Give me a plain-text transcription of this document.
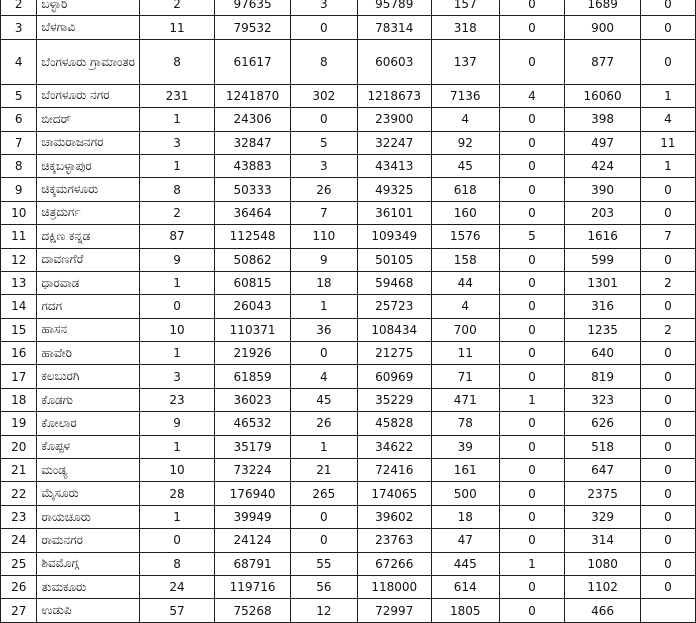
2	ಬಳ್ಳಾರಿ	2	97635	3	95789	157	0	1689	0
3	ಬೆಳಗಾವಿ	11	79532	0	78314	318	0	900	0
4	ಬೆಂಗಳೂರು ಗ್ರಾಮಾಂತರ	8	61617	8	60603	137	0	877	0
5	ಬೆಂಗಳೂರು ನಗರ	231	1241870	302	1218673	7136	4	16060	1
6	ಬೀದರ್	1	24306	0	23900	4	0	398	4
7	ಚಾಮರಾಜನಗರ	3	32847	5	32247	92	0	497	11
8	ಚಿಕ್ಕಬಳ್ಳಾಪುರ	1	43883	3	43413	45	0	424	1
9	ಚಿಕ್ಕಮಗಳೂರು	8	50333	26	49325	618	0	390	0
10	ಚಿತ್ರದುರ್ಗ	2	36464	7	36101	160	0	203	0
11	ದಕ್ಷಿಣ ಕನ್ನಡ	87	112548	110	109349	1576	5	1616	7
12	ದಾವಣಗೆರೆ	9	50862	9	50105	158	0	599	0
13	ಧಾರವಾಡ	1	60815	18	59468	44	0	1301	2
14	ಗದಗ	0	26043	1	25723	4	0	316	0
15	ಹಾಸನ	10	110371	36	108434	700	0	1235	2
16	ಹಾವೇರಿ	1	21926	0	21275	11	0	640	0
17	ಕಲಬುರಗಿ	3	61859	4	60969	71	0	819	0
18	ಕೊಡಗು	23	36023	45	35229	471	1	323	0
19	ಕೋಲಾರ	9	46532	26	45828	78	0	626	0
20	ಕೊಪ್ಪಳ	1	35179	1	34622	39	0	518	0
21	ಮಂಡ್ಯ	10	73224	21	72416	161	0	647	0
22	ಮೈಸೂರು	28	176940	265	174065	500	0	2375	0
23	ರಾಯಚೂರು	1	39949	0	39602	18	0	329	0
24	ರಾಮನಗರ	0	24124	0	23763	47	0	314	0
25	ಶಿವಮೊಗ್ಗ	8	68791	55	67266	445	1	1080	0
26	ತುಮಕೂರು	24	119716	56	118000	614	0	1102	0
27	ಉಡುಪಿ	57	75268	12	72997	1805	0	466	
